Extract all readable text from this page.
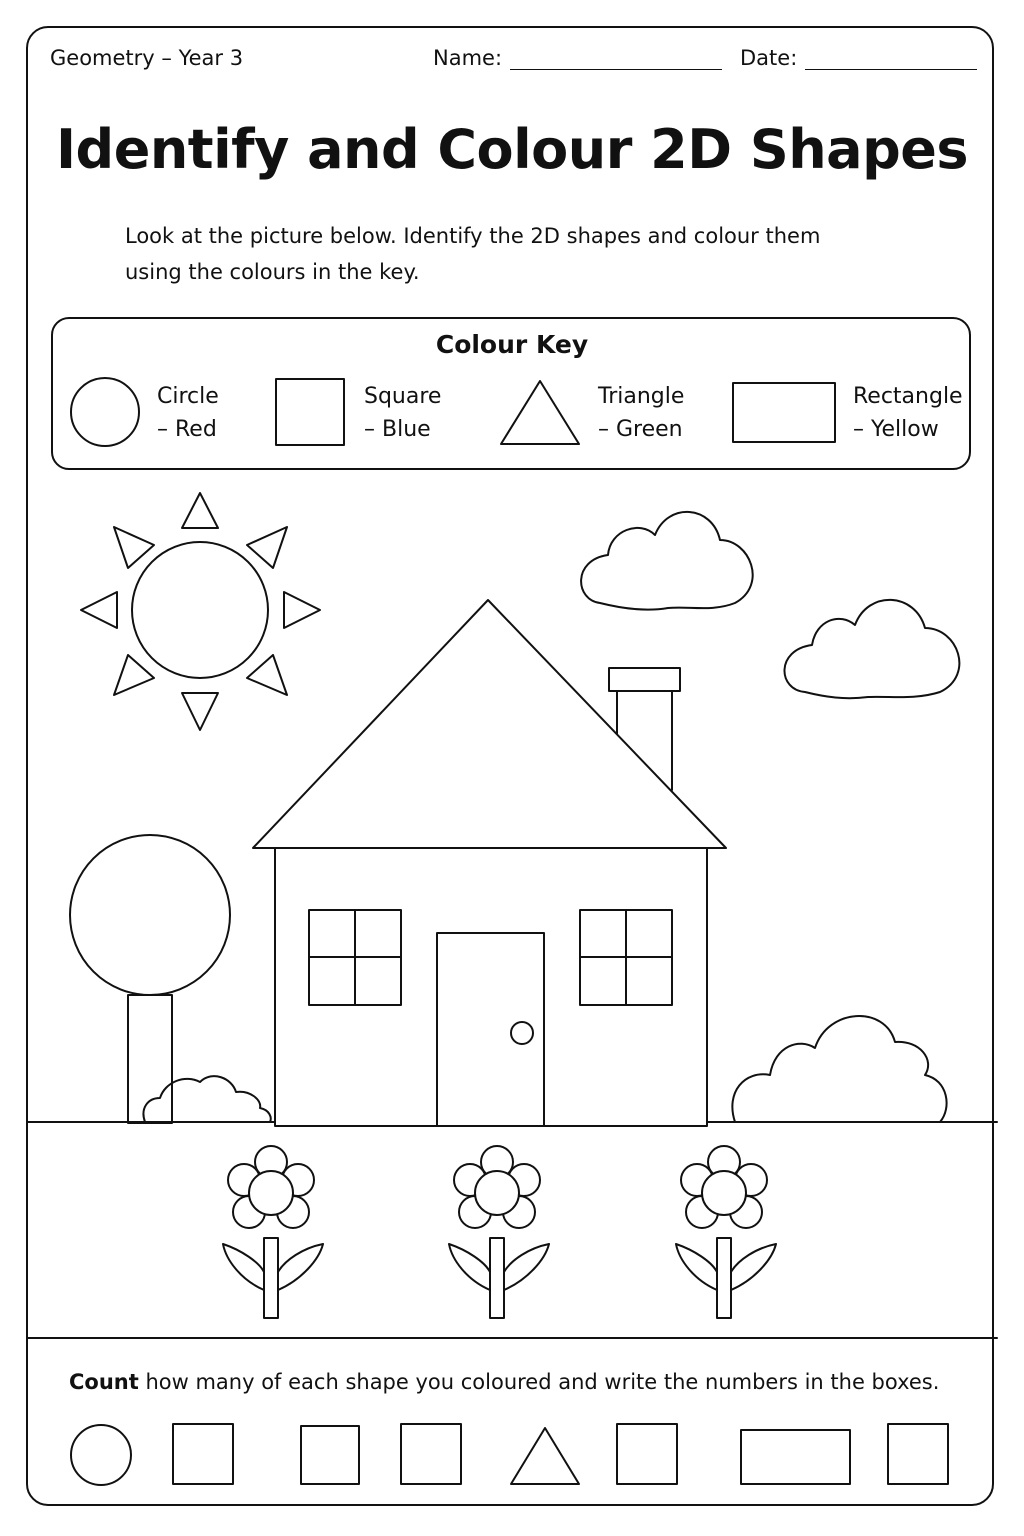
Geometry – Year 3	Name:	Date:
Identify and Colour 2D Shapes
Look at the picture below. Identify the 2D shapes and colour them
using the colours in the key.
Colour Key
Circle
– Red
Square
– Blue
Triangle
– Green
Rectangle
– Yellow
Count how many of each shape you coloured and write the numbers in the boxes.
